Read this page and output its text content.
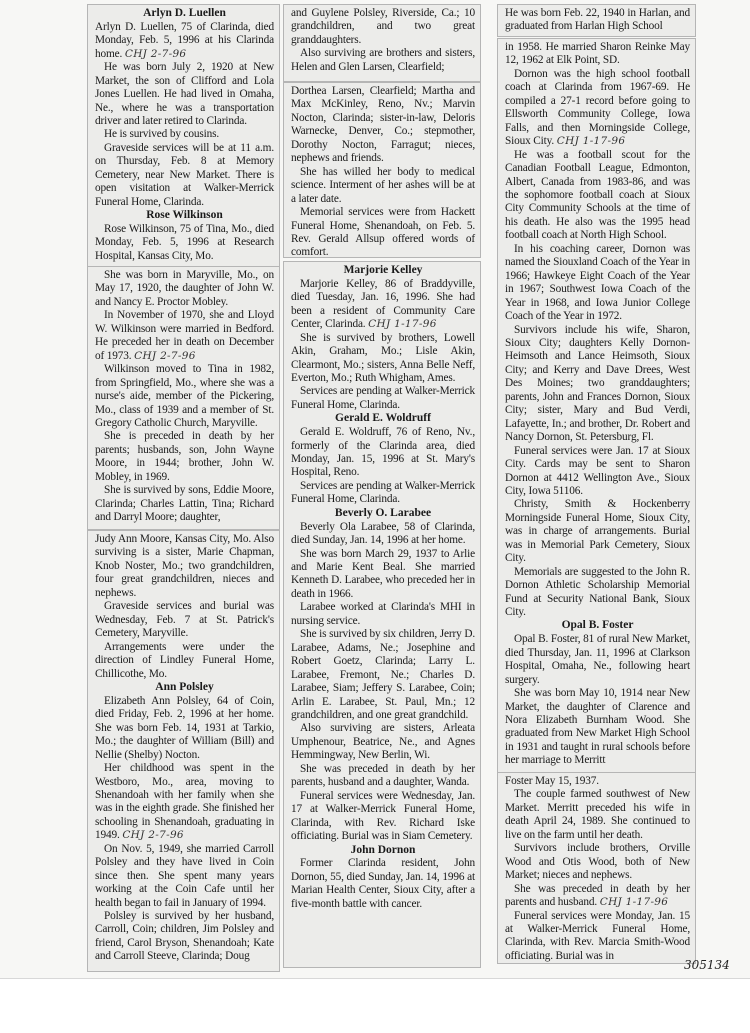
Arlyn D. Luellen

Arlyn D. Luellen, 75 of Clarinda, died Monday, Feb. 5, 1996 at his Clarinda home. CHJ 2-7-96

He was born July 2, 1920 at New Market, the son of Clifford and Lola Jones Luellen. He had lived in Omaha, Ne., where he was a transportation driver and later retired to Clarinda.

He is survived by cousins.

Graveside services will be at 11 a.m. on Thursday, Feb. 8 at Memory Cemetery, near New Market. There is open visitation at Walker-Merrick Funeral Home, Clarinda.

Rose Wilkinson

Rose Wilkinson, 75 of Tina, Mo., died Monday, Feb. 5, 1996 at Research Hospital, Kansas City, Mo.

She was born in Maryville, Mo., on May 17, 1920, the daughter of John W. and Nancy E. Proctor Mobley.

In November of 1970, she and Lloyd W. Wilkinson were married in Bedford. He preceded her in death on December of 1973. CHJ 2-7-96

Wilkinson moved to Tina in 1982, from Springfield, Mo., where she was a nurse's aide, member of the Pickering, Mo., class of 1939 and a member of St. Gregory Catholic Church, Maryville.

She is preceded in death by her parents; husbands, son, John Wayne Moore, in 1944; brother, John W. Mobley, in 1969.

She is survived by sons, Eddie Moore, Clarinda; Charles Lattin, Tina; Richard and Darryl Moore; daughter,

Judy Ann Moore, Kansas City, Mo. Also surviving is a sister, Marie Chapman, Knob Noster, Mo.; two grandchildren, four great grandchildren, nieces and nephews.

Graveside services and burial was Wednesday, Feb. 7 at St. Patrick's Cemetery, Maryville.

Arrangements were under the direction of Lindley Funeral Home, Chillicothe, Mo.

Ann Polsley

Elizabeth Ann Polsley, 64 of Coin, died Friday, Feb. 2, 1996 at her home. She was born Feb. 14, 1931 at Tarkio, Mo.; the daughter of William (Bill) and Nellie (Shelby) Nocton.

Her childhood was spent in the Westboro, Mo., area, moving to Shenandoah with her family when she was in the eighth grade. She finished her schooling in Shenandoah, graduating in 1949. CHJ 2-7-96

On Nov. 5, 1949, she married Carroll Polsley and they have lived in Coin since then. She spent many years working at the Coin Cafe until her health began to fail in January of 1994.

Polsley is survived by her husband, Carroll, Coin; children, Jim Polsley and friend, Carol Bryson, Shenandoah; Kate and Carroll Steeve, Clarinda; Doug

and Guylene Polsley, Riverside, Ca.; 10 grandchildren, and two great granddaughters.

Also surviving are brothers and sisters, Helen and Glen Larsen, Clearfield;

Dorthea Larsen, Clearfield; Martha and Max McKinley, Reno, Nv.; Marvin Nocton, Clarinda; sister-in-law, Deloris Warnecke, Denver, Co.; stepmother, Dorothy Nocton, Farragut; nieces, nephews and friends.

She has willed her body to medical science. Interment of her ashes will be at a later date.

Memorial services were from Hackett Funeral Home, Shenandoah, on Feb. 5. Rev. Gerald Allsup offered words of comfort.

Marjorie Kelley

Marjorie Kelley, 86 of Braddyville, died Tuesday, Jan. 16, 1996. She had been a resident of Community Care Center, Clarinda. CHJ 1-17-96

She is survived by brothers, Lowell Akin, Graham, Mo.; Lisle Akin, Clearmont, Mo.; sisters, Anna Belle Neff, Everton, Mo.; Ruth Whigham, Ames.

Services are pending at Walker-Merrick Funeral Home, Clarinda.

Gerald E. Woldruff

Gerald E. Woldruff, 76 of Reno, Nv., formerly of the Clarinda area, died Monday, Jan. 15, 1996 at St. Mary's Hospital, Reno.

Services are pending at Walker-Merrick Funeral Home, Clarinda.

Beverly O. Larabee

Beverly Ola Larabee, 58 of Clarinda, died Sunday, Jan. 14, 1996 at her home.

She was born March 29, 1937 to Arlie and Marie Kent Beal. She married Kenneth D. Larabee, who preceded her in death in 1966.

Larabee worked at Clarinda's MHI in nursing service.

She is survived by six children, Jerry D. Larabee, Adams, Ne.; Josephine and Robert Goetz, Clarinda; Larry L. Larabee, Fremont, Ne.; Charles D. Larabee, Siam; Jeffery S. Larabee, Coin; Arlin E. Larabee, St. Paul, Mn.; 12 grandchildren, and one great grandchild.

Also surviving are sisters, Arleata Umphenour, Beatrice, Ne., and Agnes Hemmingway, New Berlin, Wi.

She was preceded in death by her parents, husband and a daughter, Wanda.

Funeral services were Wednesday, Jan. 17 at Walker-Merrick Funeral Home, Clarinda, with Rev. Richard Iske officiating. Burial was in Siam Cemetery.

John Dornon

Former Clarinda resident, John Dornon, 55, died Sunday, Jan. 14, 1996 at Marian Health Center, Sioux City, after a five-month battle with cancer.

He was born Feb. 22, 1940 in Harlan, and graduated from Harlan High School

in 1958. He married Sharon Reinke May 12, 1962 at Elk Point, SD.

Dornon was the high school football coach at Clarinda from 1967-69. He compiled a 27-1 record before going to Ellsworth Community College, Iowa Falls, and then Morningside College, Sioux City. CHJ 1-17-96

He was a football scout for the Canadian Football League, Edmonton, Albert, Canada from 1983-86, and was the sophomore football coach at Sioux City Community Schools at the time of his death. He also was the 1995 head football coach at North High School.

In his coaching career, Dornon was named the Siouxland Coach of the Year in 1966; Hawkeye Eight Coach of the Year in 1967; Southwest Iowa Coach of the Year in 1968, and Iowa Junior College Coach of the Year in 1972.

Survivors include his wife, Sharon, Sioux City; daughters Kelly Dornon-Heimsoth and Lance Heimsoth, Sioux City; and Kerry and Dave Drees, West Des Moines; two granddaughters; parents, John and Frances Dornon, Sioux City; sister, Mary and Bud Verdi, Lafayette, In.; and brother, Dr. Robert and Nancy Dornon, St. Petersburg, Fl.

Funeral services were Jan. 17 at Sioux City. Cards may be sent to Sharon Dornon at 4412 Wellington Ave., Sioux City, Iowa 51106.

Christy, Smith & Hockenberry Morningside Funeral Home, Sioux City, was in charge of arrangements. Burial was in Memorial Park Cemetery, Sioux City.

Memorials are suggested to the John R. Dornon Athletic Scholarship Memorial Fund at Security National Bank, Sioux City.

Opal B. Foster

Opal B. Foster, 81 of rural New Market, died Thursday, Jan. 11, 1996 at Clarkson Hospital, Omaha, Ne., following heart surgery.

She was born May 10, 1914 near New Market, the daughter of Clarence and Nora Elizabeth Burnham Wood. She graduated from New Market High School in 1931 and taught in rural schools before her marriage to Merritt

Foster May 15, 1937.

The couple farmed southwest of New Market. Merritt preceded his wife in death April 24, 1989. She continued to live on the farm until her death.

Survivors include brothers, Orville Wood and Otis Wood, both of New Market; nieces and nephews.

She was preceded in death by her parents and husband. CHJ 1-17-96

Funeral services were Monday, Jan. 15 at Walker-Merrick Funeral Home, Clarinda, with Rev. Marcia Smith-Wood officiating. Burial was in

305134
